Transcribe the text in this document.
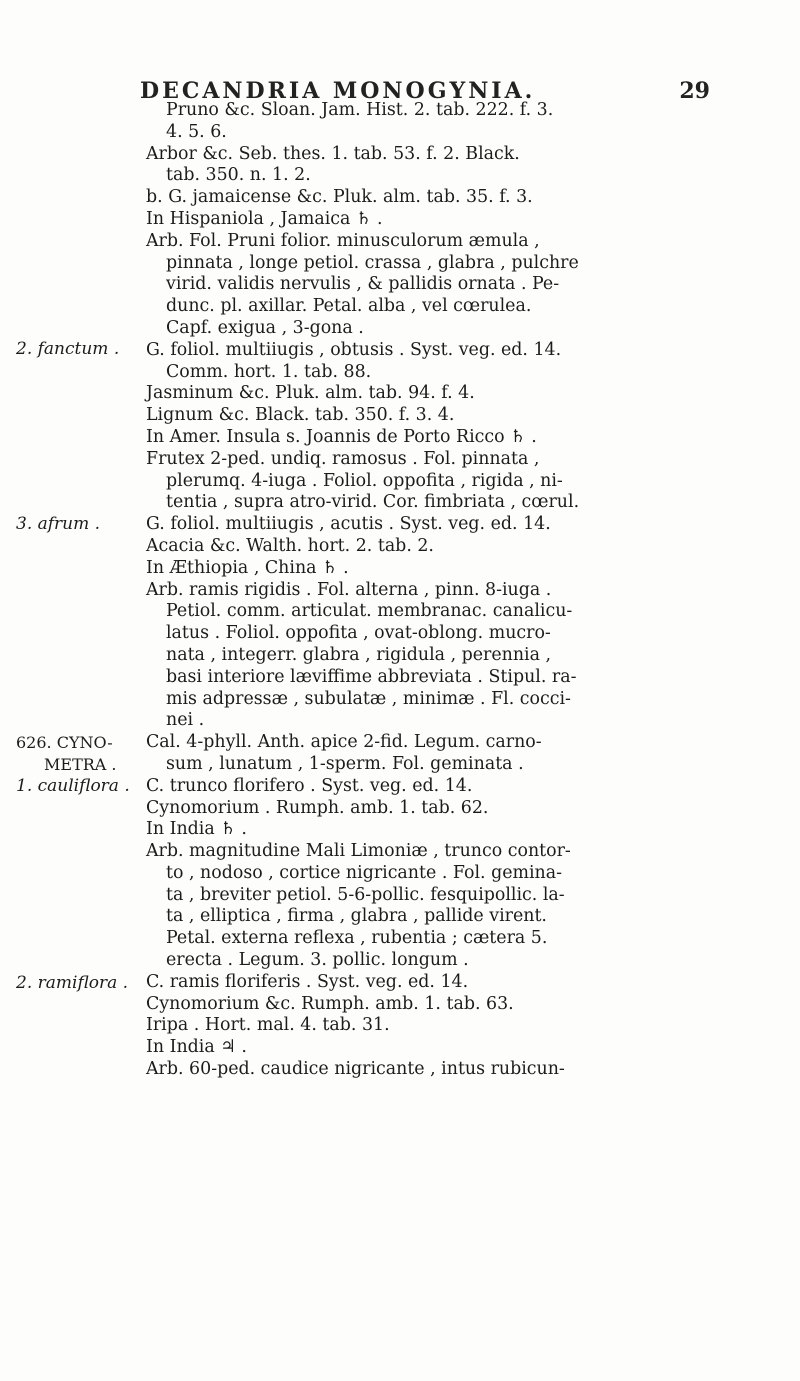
DECANDRIA MONOGYNIA.	29
Pruno &c. Sloan. Jam. Hist. 2. tab. 222. f. 3.
4. 5. 6.
Arbor &c. Seb. thes. 1. tab. 53. f. 2. Black.
tab. 350. n. 1. 2.
b. G. jamaicense &c. Pluk. alm. tab. 35. f. 3.
In Hispaniola , Jamaica ♄ .
Arb. Fol. Pruni folior. minusculorum æmula ,
pinnata , longe petiol. crassa , glabra , pulchre
virid. validis nervulis , & pallidis ornata . Pe-
dunc. pl. axillar. Petal. alba , vel cœrulea.
Capf. exigua , 3-gona .
G. foliol. multiiugis , obtusis . Syst. veg. ed. 14.
Comm. hort. 1. tab. 88.
Jasminum &c. Pluk. alm. tab. 94. f. 4.
Lignum &c. Black. tab. 350. f. 3. 4.
In Amer. Insula s. Joannis de Porto Ricco ♄ .
Frutex 2-ped. undiq. ramosus . Fol. pinnata ,
plerumq. 4-iuga . Foliol. oppofita , rigida , ni-
tentia , supra atro-virid. Cor. fimbriata , cœrul.
G. foliol. multiiugis , acutis . Syst. veg. ed. 14.
Acacia &c. Walth. hort. 2. tab. 2.
In Æthiopia , China ♄ .
Arb. ramis rigidis . Fol. alterna , pinn. 8-iuga .
Petiol. comm. articulat. membranac. canalicu-
latus . Foliol. oppofita , ovat-oblong. mucro-
nata , integerr. glabra , rigidula , perennia ,
basi interiore læviffime abbreviata . Stipul. ra-
mis adpressæ , subulatæ , minimæ . Fl. cocci-
nei .
Cal. 4-phyll. Anth. apice 2-fid. Legum. carno-
sum , lunatum , 1-sperm. Fol. geminata .
C. trunco florifero . Syst. veg. ed. 14.
Cynomorium . Rumph. amb. 1. tab. 62.
In India ♄ .
Arb. magnitudine Mali Limoniæ , trunco contor-
to , nodoso , cortice nigricante . Fol. gemina-
ta , breviter petiol. 5-6-pollic. fesquipollic. la-
ta , elliptica , firma , glabra , pallide virent.
Petal. externa reflexa , rubentia ; cætera 5.
erecta . Legum. 3. pollic. longum .
C. ramis floriferis . Syst. veg. ed. 14.
Cynomorium &c. Rumph. amb. 1. tab. 63.
Iripa . Hort. mal. 4. tab. 31.
In India ♃ .
Arb. 60-ped. caudice nigricante , intus rubicun-
2. fanctum .
3. afrum .
626. CYNO-
METRA .
1. cauliflora .
2. ramiflora .
